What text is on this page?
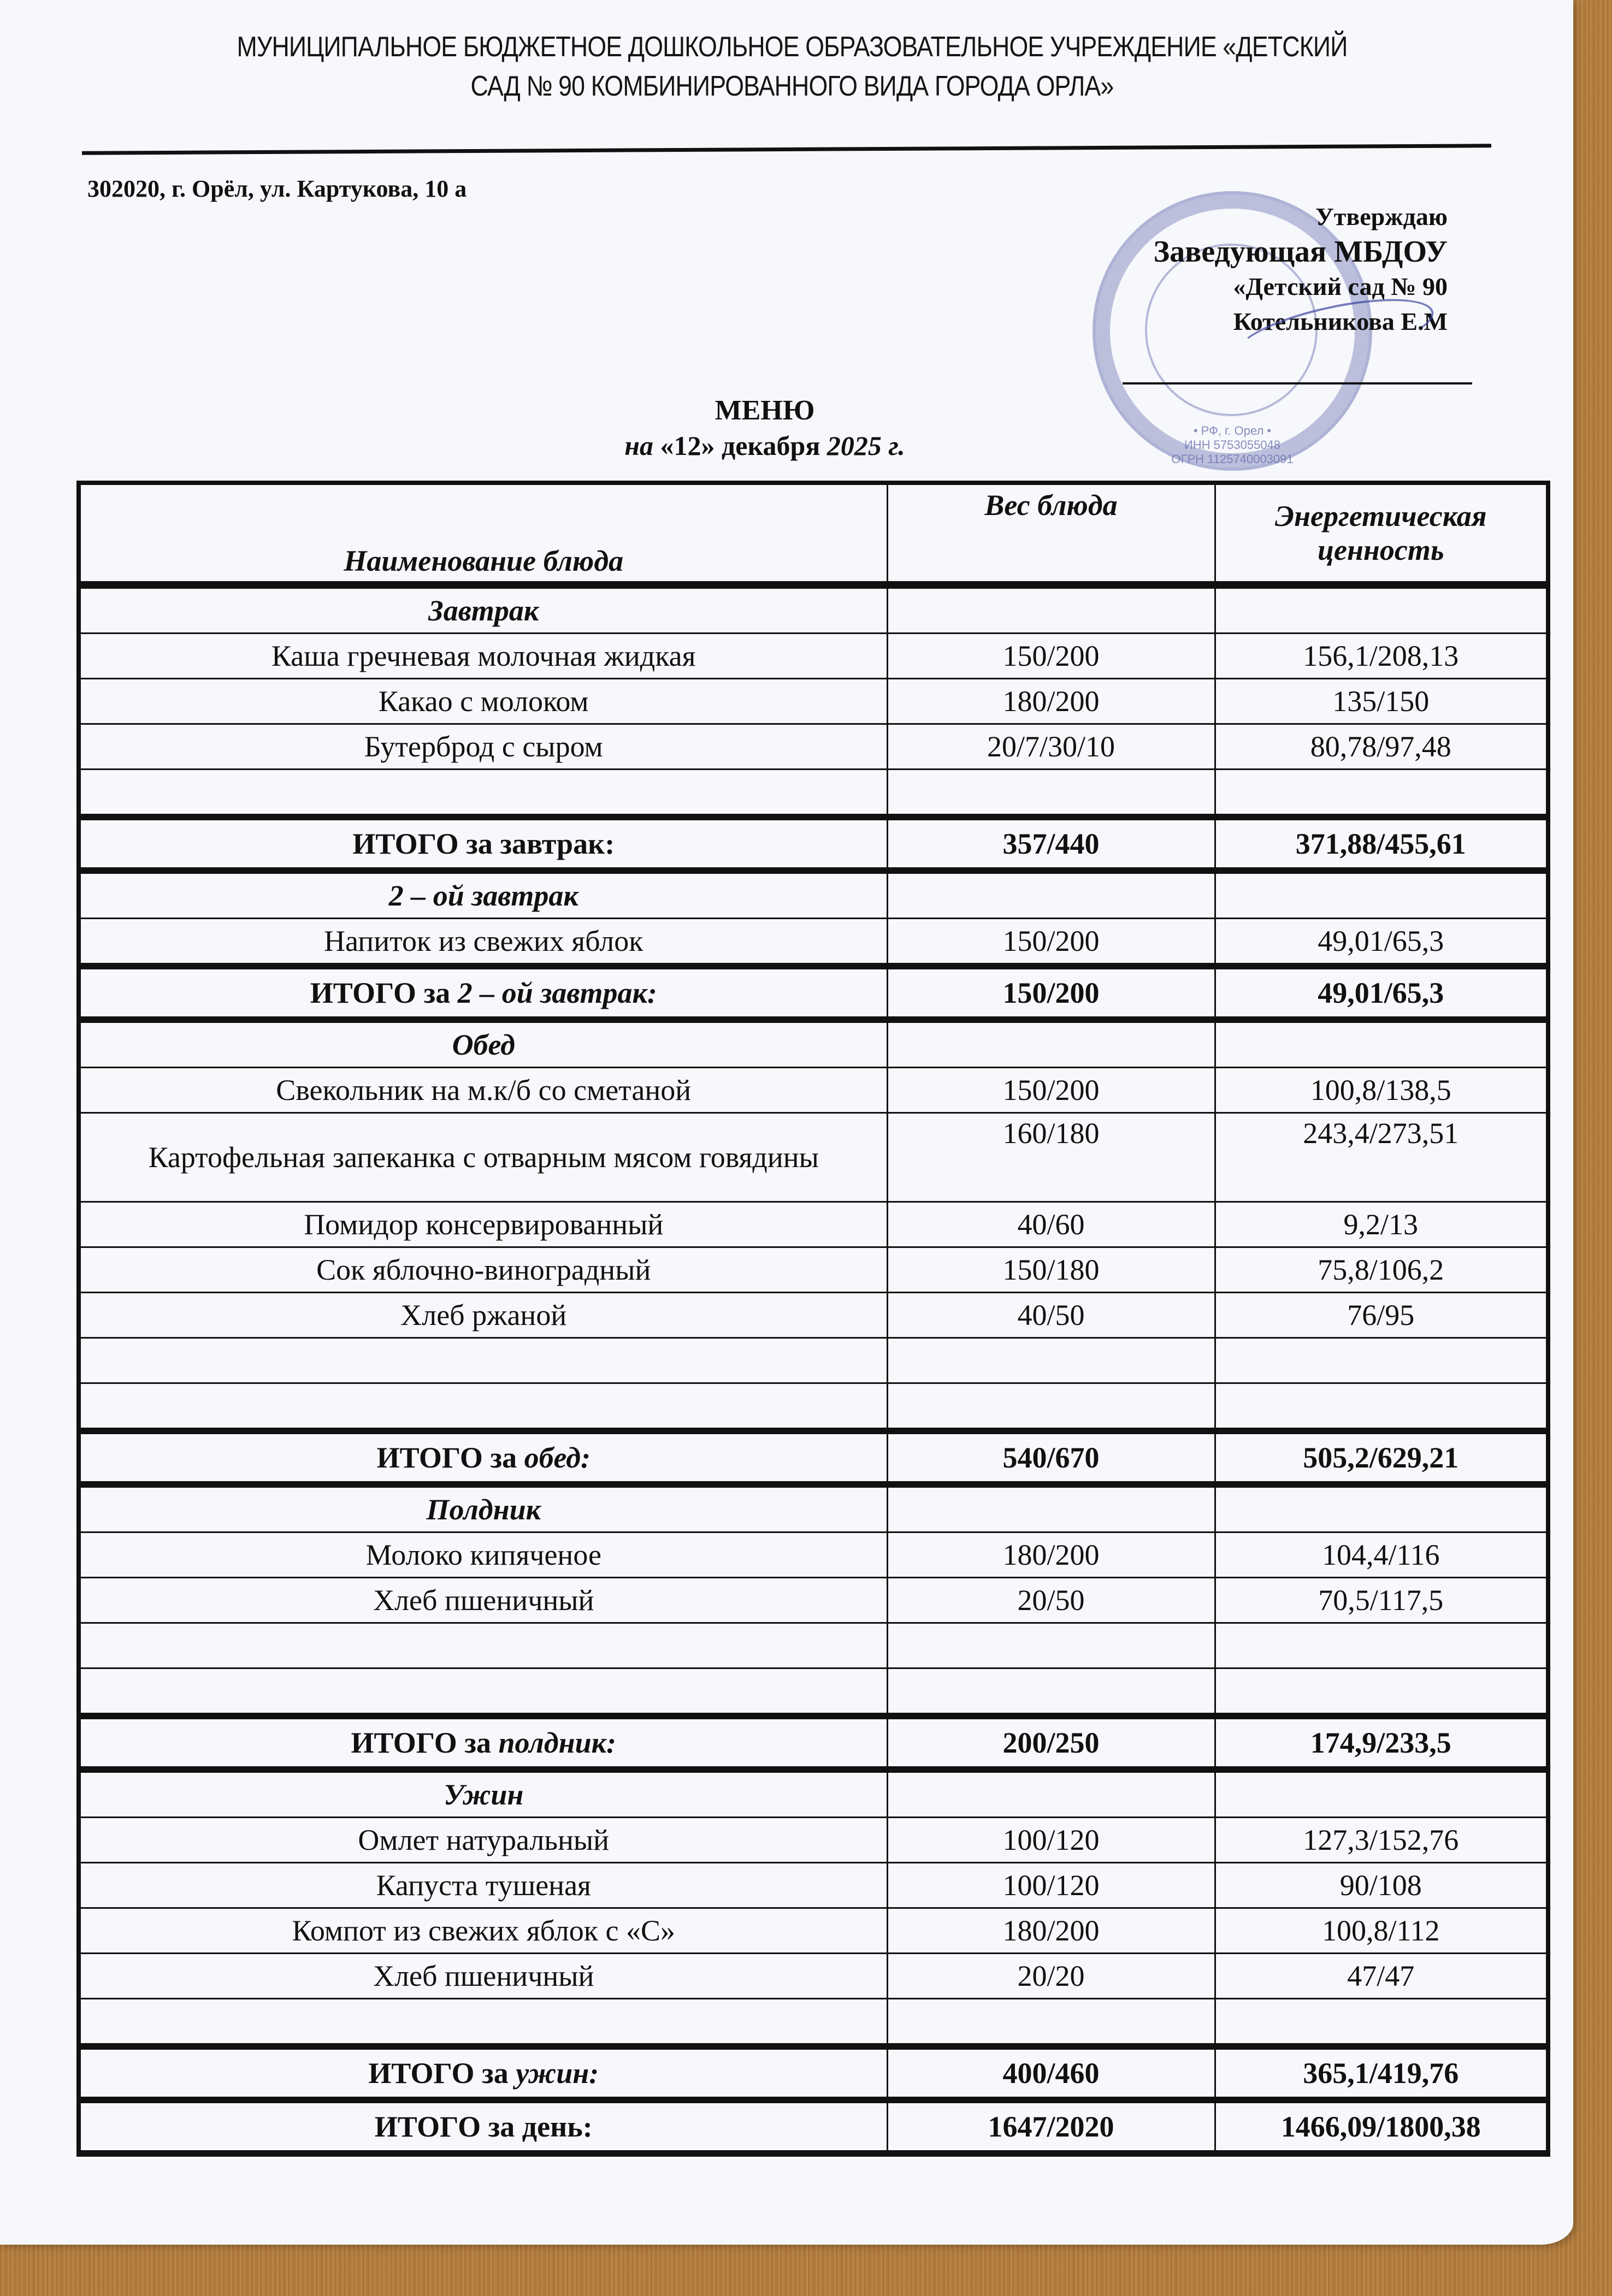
МУНИЦИПАЛЬНОЕ БЮДЖЕТНОЕ ДОШКОЛЬНОЕ ОБРАЗОВАТЕЛЬНОЕ УЧРЕЖДЕНИЕ «ДЕТСКИЙ
САД № 90 КОМБИНИРОВАННОГО ВИДА ГОРОДА ОРЛА»
302020, г. Орёл, ул. Картукова, 10 а
• РФ, г. Орел •
ИНН 5753055048
ОГРН 1125740003091
Утверждаю
Заведующая МБДОУ
«Детский сад № 90
Котельникова Е.М
МЕНЮ
на «12» декабря 2025 г.
Наименование блюда	Вес блюда	Энергетическая ценность
Завтрак		
Каша гречневая молочная жидкая	150/200	156,1/208,13
Какао с молоком	180/200	135/150
Бутерброд с сыром	20/7/30/10	80,78/97,48

ИТОГО за завтрак:	357/440	371,88/455,61
2 – ой завтрак		
Напиток из свежих яблок	150/200	49,01/65,3
ИТОГО за 2 – ой завтрак:	150/200	49,01/65,3
Обед		
Свекольник на м.к/б со сметаной	150/200	100,8/138,5
Картофельная запеканка с отварным мясом говядины	160/180	243,4/273,51
Помидор консервированный	40/60	9,2/13
Сок яблочно-виноградный	150/180	75,8/106,2
Хлеб ржаной	40/50	76/95

ИТОГО за обед:	540/670	505,2/629,21
Полдник		
Молоко кипяченое	180/200	104,4/116
Хлеб пшеничный	20/50	70,5/117,5

ИТОГО за полдник:	200/250	174,9/233,5
Ужин		
Омлет натуральный	100/120	127,3/152,76
Капуста тушеная	100/120	90/108
Компот из свежих яблок с «С»	180/200	100,8/112
Хлеб пшеничный	20/20	47/47

ИТОГО за ужин:	400/460	365,1/419,76
ИТОГО за день:	1647/2020	1466,09/1800,38
